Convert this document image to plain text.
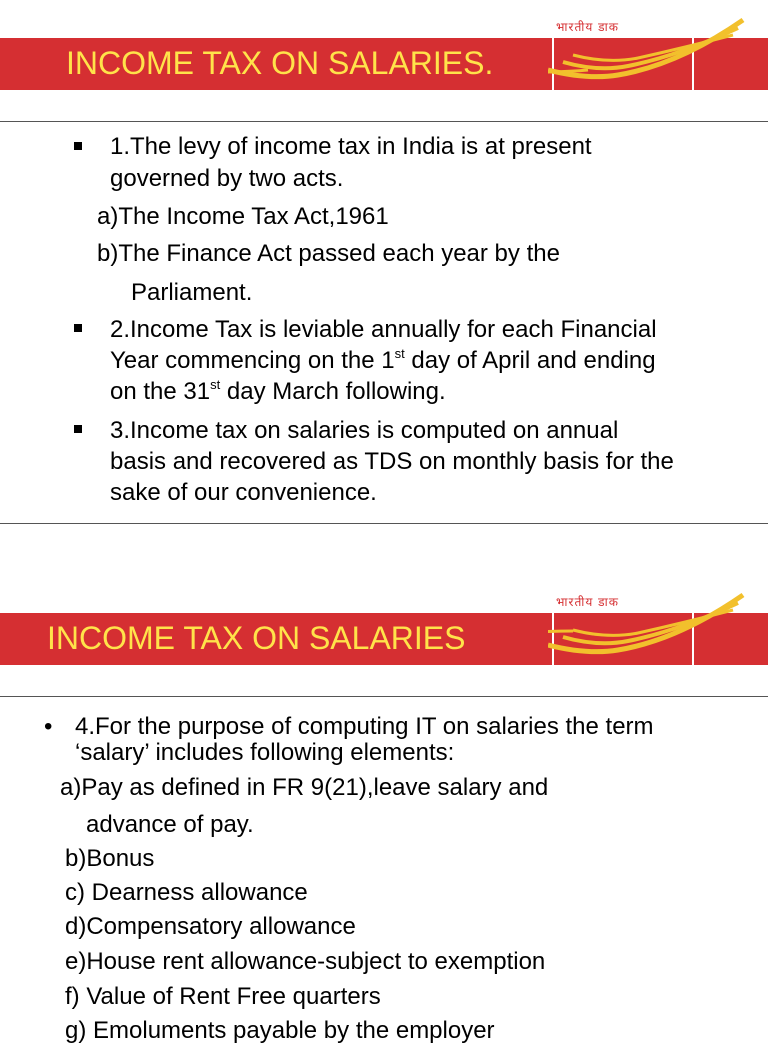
INCOME TAX ON SALARIES.
भारतीय डाक
1.The levy of income tax in India is at present
governed by two acts.
a)The Income Tax Act,1961
b)The Finance Act passed each year by the
Parliament.
2.Income Tax is leviable annually for each Financial
Year commencing on the 1st day of April and ending
on the 31st day March following.
3.Income tax on salaries is computed on annual
basis and recovered as TDS on monthly basis for the
sake of our convenience.
INCOME TAX ON SALARIES
भारतीय डाक
• 4.For the purpose of computing IT on salaries the term
‘salary’ includes following elements:
a)Pay as defined in FR 9(21),leave salary and
advance of pay.
b)Bonus
c) Dearness allowance
d)Compensatory allowance
e)House rent allowance-subject to exemption
f) Value of Rent Free quarters
g) Emoluments payable by the employer
